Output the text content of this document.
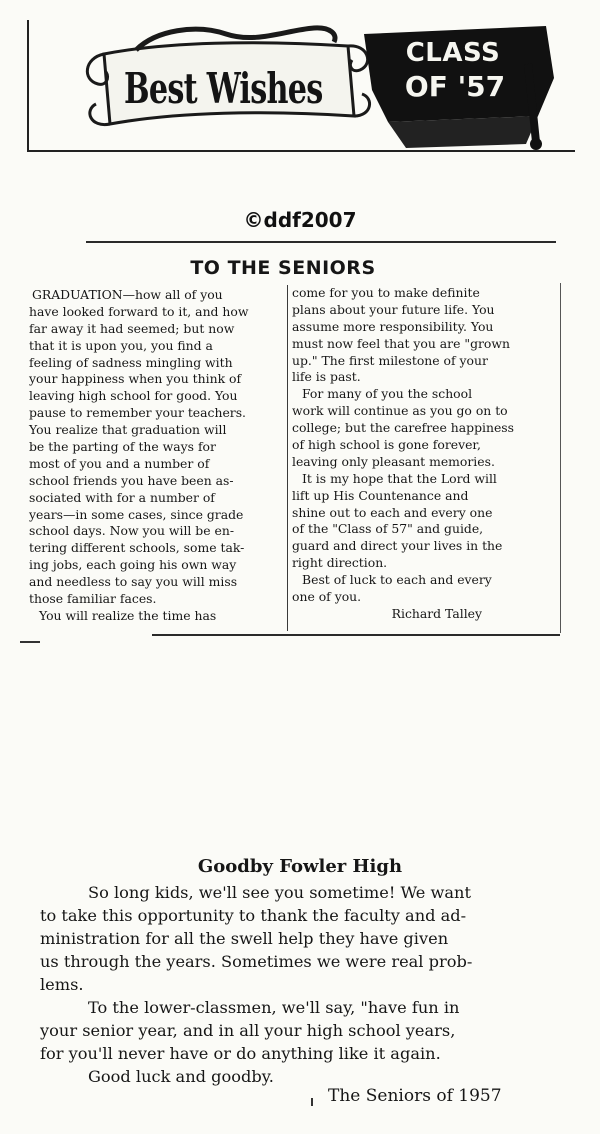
Best Wishes
CLASS
OF '57
©ddf2007
TO THE SENIORS
GRADUATION—how all of you
have looked forward to it, and how
far away it had seemed; but now
that it is upon you, you find a
feeling of sadness mingling with
your happiness when you think of
leaving high school for good. You
pause to remember your teachers.
You realize that graduation will
be the parting of the ways for
most of you and a number of
school friends you have been as-
sociated with for a number of
years—in some cases, since grade
school days. Now you will be en-
tering different schools, some tak-
ing jobs, each going his own way
and needless to say you will miss
those familiar faces.
You will realize the time has
come for you to make definite
plans about your future life. You
assume more responsibility. You
must now feel that you are "grown
up." The first milestone of your
life is past.
For many of you the school
work will continue as you go on to
college; but the carefree happiness
of high school is gone forever,
leaving only pleasant memories.
It is my hope that the Lord will
lift up His Countenance and
shine out to each and every one
of the "Class of 57" and guide,
guard and direct your lives in the
right direction.
Best of luck to each and every
one of you.
Richard Talley
Goodby Fowler High
So long kids, we'll see you sometime! We want
to take this opportunity to thank the faculty and ad-
ministration for all the swell help they have given
us through the years. Sometimes we were real prob-
lems.
To the lower-classmen, we'll say, "have fun in
your senior year, and in all your high school years,
for you'll never have or do anything like it again.
Good luck and goodby.
The Seniors of 1957
